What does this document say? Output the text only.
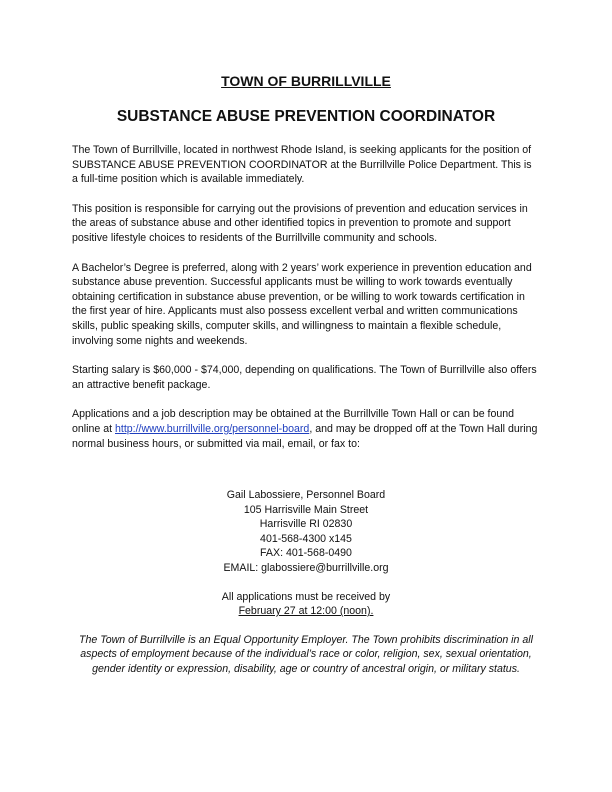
TOWN OF BURRILLVILLE
SUBSTANCE ABUSE PREVENTION COORDINATOR

The Town of Burrillville, located in northwest Rhode Island, is seeking applicants for the position of SUBSTANCE ABUSE PREVENTION COORDINATOR at the Burrillville Police Department. This is a full-time position which is available immediately.

This position is responsible for carrying out the provisions of prevention and education services in the areas of substance abuse and other identified topics in prevention to promote and support positive lifestyle choices to residents of the Burrillville community and schools.

A Bachelor’s Degree is preferred, along with 2 years’ work experience in prevention education and substance abuse prevention. Successful applicants must be willing to work towards eventually obtaining certification in substance abuse prevention, or be willing to work towards certification in the first year of hire. Applicants must also possess excellent verbal and written communications skills, public speaking skills, computer skills, and willingness to maintain a flexible schedule, involving some nights and weekends.

Starting salary is $60,000 - $74,000, depending on qualifications. The Town of Burrillville also offers an attractive benefit package.

Applications and a job description may be obtained at the Burrillville Town Hall or can be found online at http://www.burrillville.org/personnel-board, and may be dropped off at the Town Hall during normal business hours, or submitted via mail, email, or fax to:

Gail Labossiere, Personnel Board
105 Harrisville Main Street
Harrisville RI 02830
401-568-4300 x145
FAX: 401-568-0490
EMAIL: glabossiere@burrillville.org
All applications must be received by
February 27 at 12:00 (noon).

The Town of Burrillville is an Equal Opportunity Employer. The Town prohibits discrimination in all aspects of employment because of the individual’s race or color, religion, sex, sexual orientation, gender identity or expression, disability, age or country of ancestral origin, or military status.
